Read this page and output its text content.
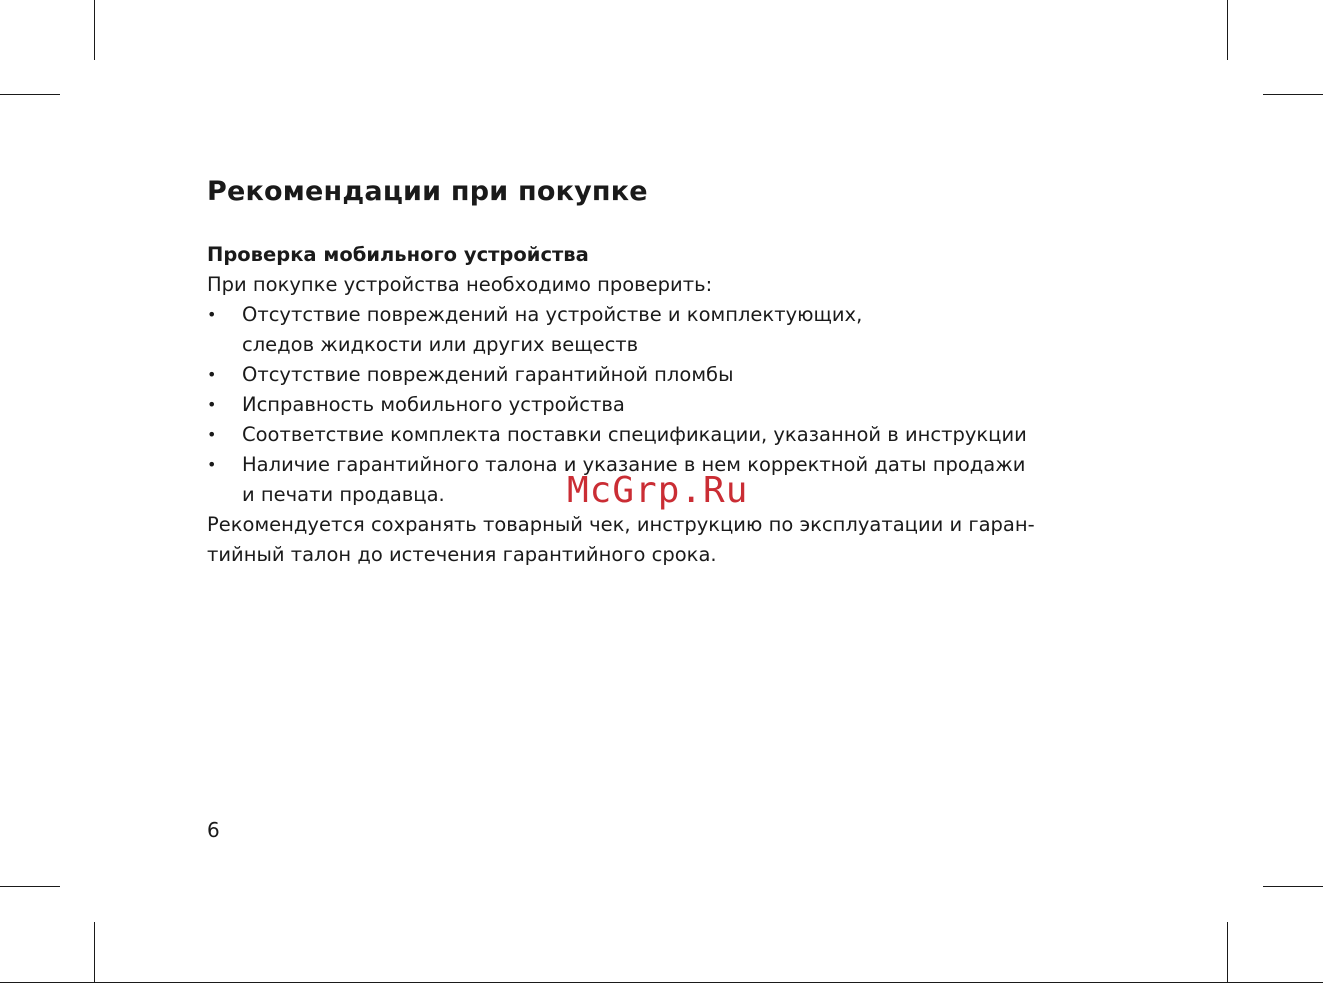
Рекомендации при покупке

Проверка мобильного устройства

При покупке устройства необходимо проверить:

• Отсутствие повреждений на устройстве и комплектующих,
следов жидкости или других веществ
• Отсутствие повреждений гарантийной пломбы
• Исправность мобильного устройства
• Соответствие комплекта поставки спецификации, указанной в инструкции
• Наличие гарантийного талона и указание в нем корректной даты продажи
и печати продавца.

Рекомендуется сохранять товарный чек, инструкцию по эксплуатации и гаран-
тийный талон до истечения гарантийного срока.

McGrp.Ru
6
